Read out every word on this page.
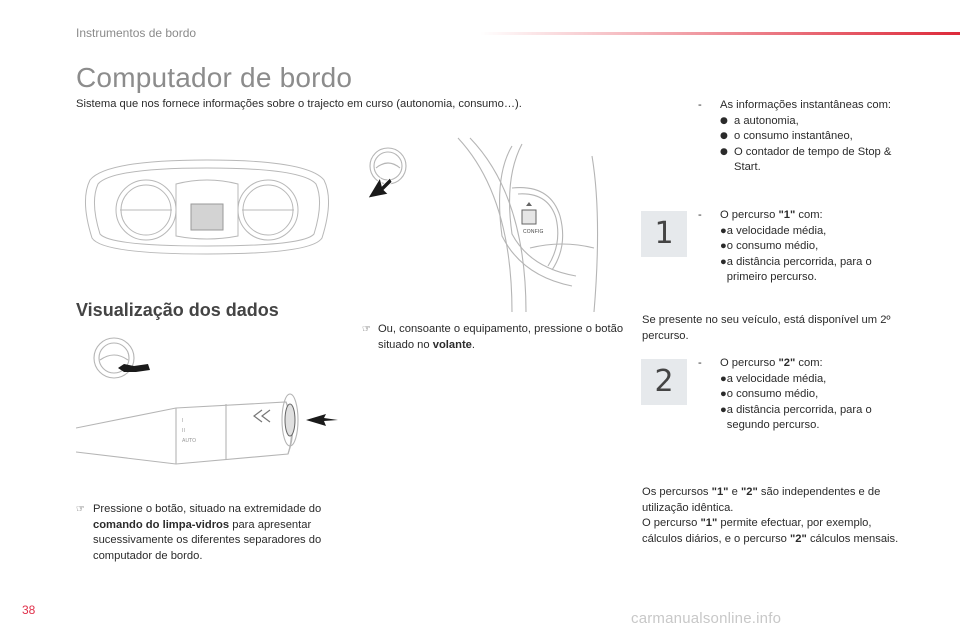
Instrumentos de bordo
Computador de bordo
Sistema que nos fornece informações sobre o trajecto em curso (autonomia, consumo…).
CONFIG
Visualização dos dados
I
II
AUTO
☞ Pressione o botão, situado na extremidade do comando do limpa-vidros para apresentar sucessivamente os diferentes separadores do computador de bordo.
☞ Ou, consoante o equipamento, pressione o botão situado no volante.
-	As informações instantâneas com:
● a autonomia,
● o consumo instantâneo,
● O contador de tempo de Stop & Start.
1
-	O percurso "1" com:
● a velocidade média,
● o consumo médio,
● a distância percorrida, para o primeiro percurso.
Se presente no seu veículo, está disponível um 2º percurso.
2
-	O percurso "2" com:
● a velocidade média,
● o consumo médio,
● a distância percorrida, para o segundo percurso.
Os percursos "1" e "2" são independentes e de utilização idêntica.
O percurso "1" permite efectuar, por exemplo, cálculos diários, e o percurso "2" cálculos mensais.
38	carmanualsonline.info
